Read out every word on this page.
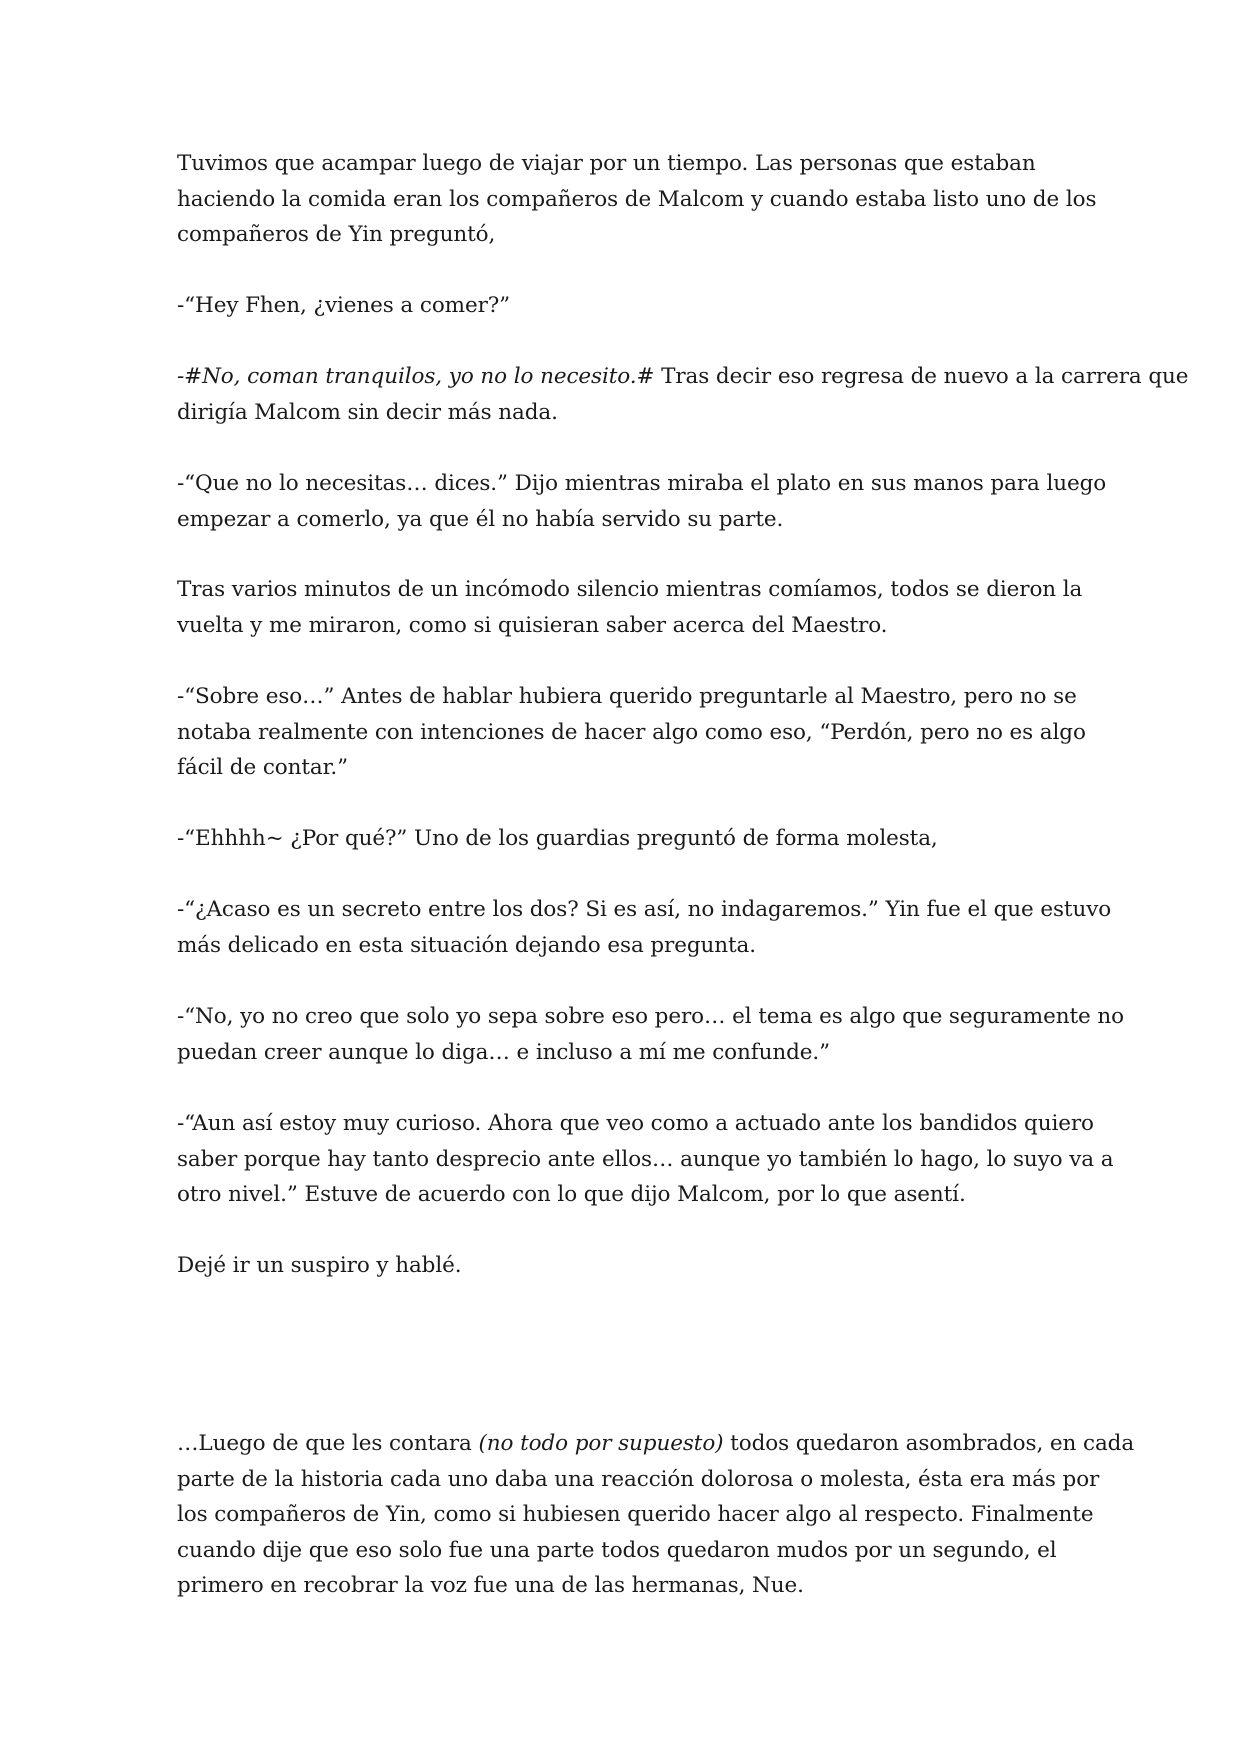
Tuvimos que acampar luego de viajar por un tiempo. Las personas que estaban
haciendo la comida eran los compañeros de Malcom y cuando estaba listo uno de los
compañeros de Yin preguntó,

-“Hey Fhen, ¿vienes a comer?”

-#No, coman tranquilos, yo no lo necesito.# Tras decir eso regresa de nuevo a la carrera que
dirigía Malcom sin decir más nada.

-“Que no lo necesitas… dices.” Dijo mientras miraba el plato en sus manos para luego
empezar a comerlo, ya que él no había servido su parte.

Tras varios minutos de un incómodo silencio mientras comíamos, todos se dieron la
vuelta y me miraron, como si quisieran saber acerca del Maestro.

-“Sobre eso…” Antes de hablar hubiera querido preguntarle al Maestro, pero no se
notaba realmente con intenciones de hacer algo como eso, “Perdón, pero no es algo
fácil de contar.”

-“Ehhhh~ ¿Por qué?” Uno de los guardias preguntó de forma molesta,

-“¿Acaso es un secreto entre los dos? Si es así, no indagaremos.” Yin fue el que estuvo
más delicado en esta situación dejando esa pregunta.

-“No, yo no creo que solo yo sepa sobre eso pero… el tema es algo que seguramente no
puedan creer aunque lo diga… e incluso a mí me confunde.”

-“Aun así estoy muy curioso. Ahora que veo como a actuado ante los bandidos quiero
saber porque hay tanto desprecio ante ellos… aunque yo también lo hago, lo suyo va a
otro nivel.” Estuve de acuerdo con lo que dijo Malcom, por lo que asentí.

Dejé ir un suspiro y hablé.

…Luego de que les contara (no todo por supuesto) todos quedaron asombrados, en cada
parte de la historia cada uno daba una reacción dolorosa o molesta, ésta era más por
los compañeros de Yin, como si hubiesen querido hacer algo al respecto. Finalmente
cuando dije que eso solo fue una parte todos quedaron mudos por un segundo, el
primero en recobrar la voz fue una de las hermanas, Nue.
